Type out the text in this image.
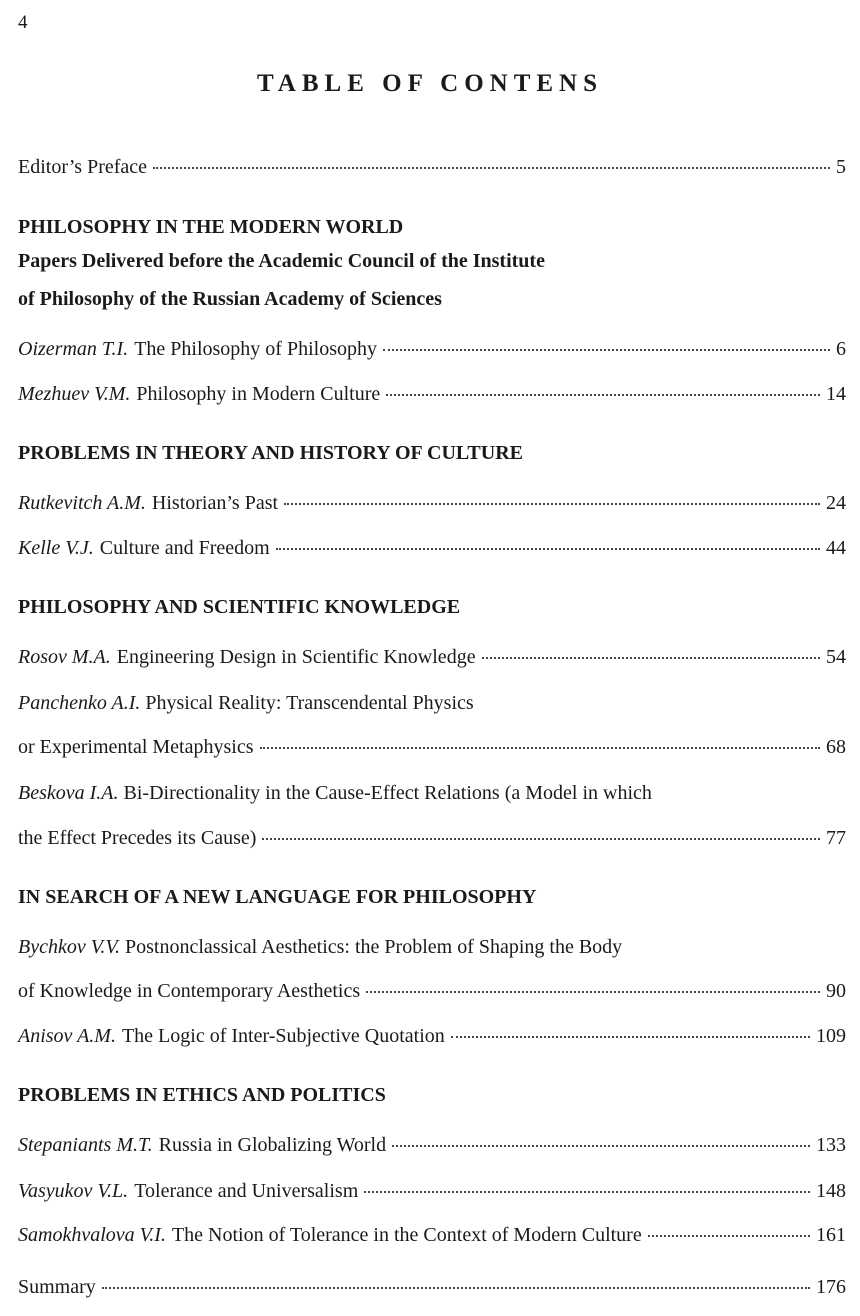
4
TABLE OF CONTENS
Editor’s Preface	5
PHILOSOPHY IN THE MODERN WORLD
Papers Delivered before the Academic Council of the Institute
of Philosophy of the Russian Academy of Sciences
Oizerman T.I. The Philosophy of Philosophy	6
Mezhuev V.M. Philosophy in Modern Culture	14
PROBLEMS IN THEORY AND HISTORY OF CULTURE
Rutkevitch A.M. Historian’s Past	24
Kelle V.J. Culture and Freedom	44
PHILOSOPHY AND SCIENTIFIC KNOWLEDGE
Rosov M.A. Engineering Design in Scientific Knowledge	54
Panchenko A.I. Physical Reality: Transcendental Physics
or Experimental Metaphysics	68
Beskova I.A. Bi-Directionality in the Cause-Effect Relations (a Model in which
the Effect Precedes its Cause)	77
IN SEARCH OF A NEW LANGUAGE FOR PHILOSOPHY
Bychkov V.V. Postnonclassical Aesthetics: the Problem of Shaping the Body
of Knowledge in Contemporary Aesthetics	90
Anisov A.M. The Logic of Inter-Subjective Quotation	109
PROBLEMS IN ETHICS AND POLITICS
Stepaniants M.T. Russia in Globalizing World	133
Vasyukov V.L. Tolerance and Universalism	148
Samokhvalova V.I. The Notion of Tolerance in the Context of Modern Culture	161
Summary	176
